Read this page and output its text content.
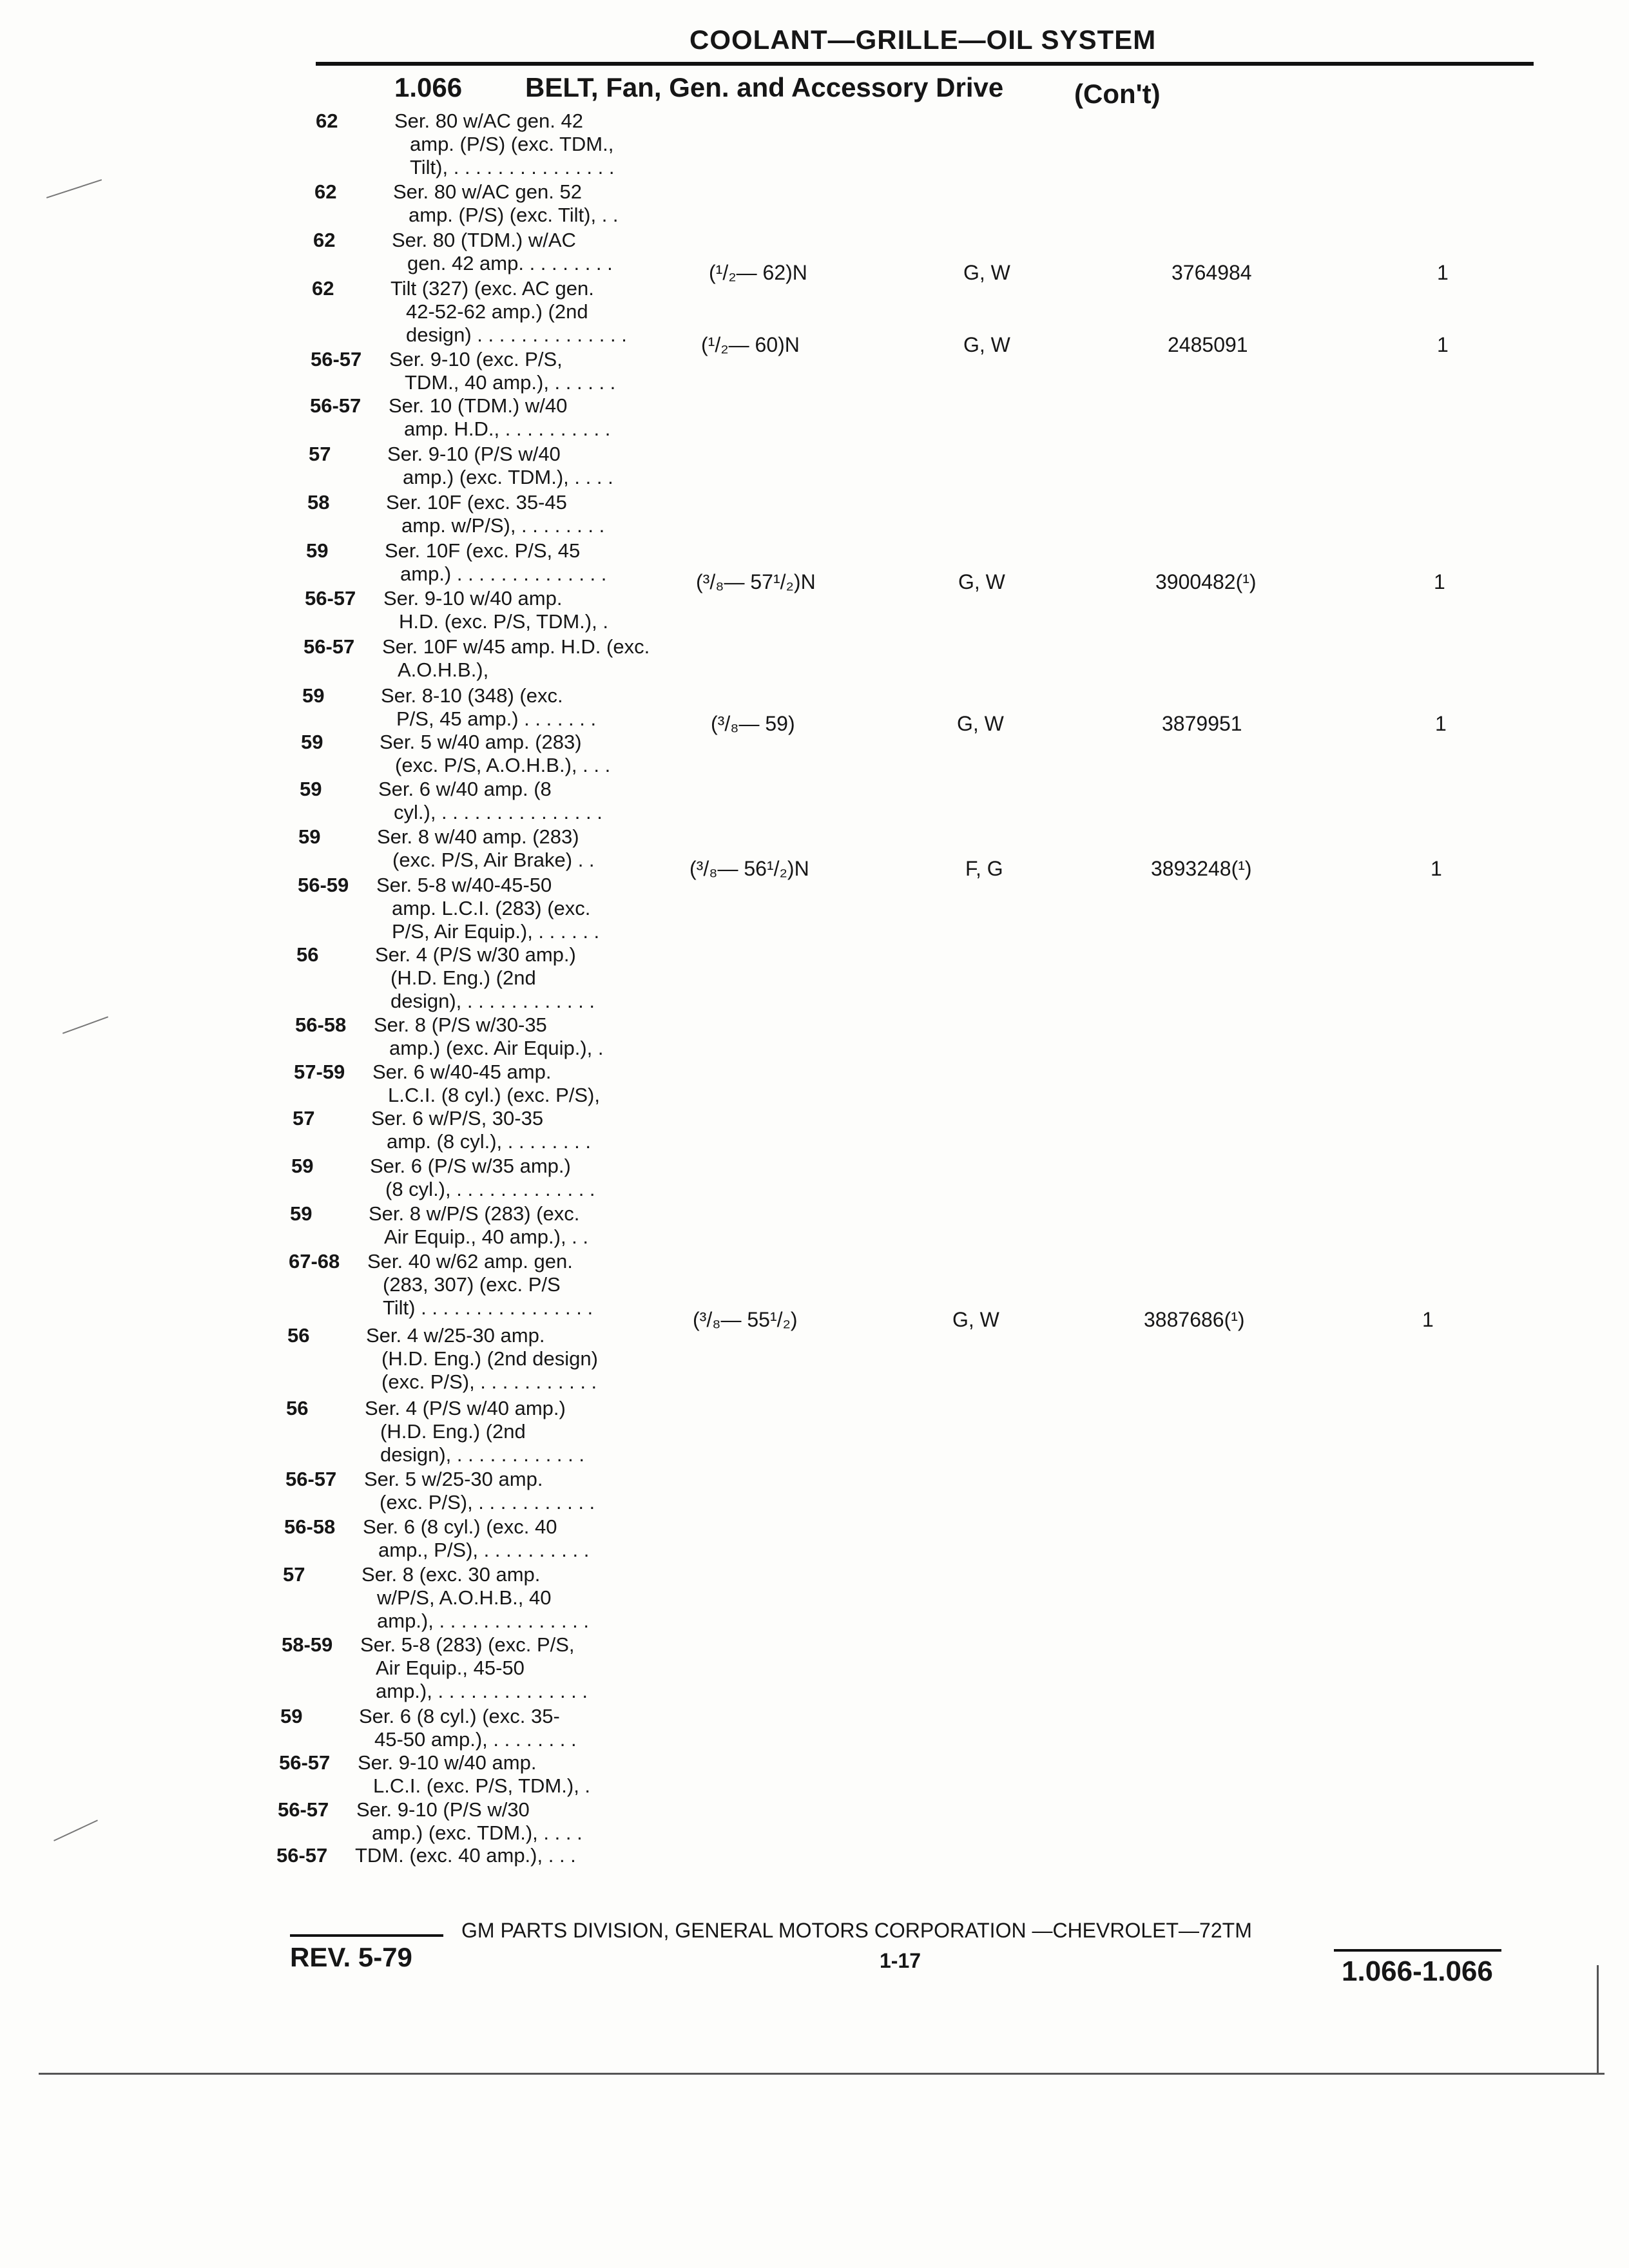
COOLANT—GRILLE—OIL SYSTEM
1.066 BELT, Fan, Gen. and Accessory Drive	(Con't)
62	Ser. 80 w/AC gen. 42
amp. (P/S) (exc. TDM.,
Tilt), . . . . . . . . . . . . . . .
62	Ser. 80 w/AC gen. 52
amp. (P/S) (exc. Tilt), . .
62	Ser. 80 (TDM.) w/AC
gen. 42 amp. . . . . . . . .	(¹/₂— 62)N	G, W	3764984	1
62	Tilt (327) (exc. AC gen.
42-52-62 amp.) (2nd
design) . . . . . . . . . . . . . .	(¹/₂— 60)N	G, W	2485091	1
56-57	Ser. 9-10 (exc. P/S,
TDM., 40 amp.), . . . . . .
56-57	Ser. 10 (TDM.) w/40
amp. H.D., . . . . . . . . . .
57	Ser. 9-10 (P/S w/40
amp.) (exc. TDM.), . . . .
58	Ser. 10F (exc. 35-45
amp. w/P/S), . . . . . . . .
59	Ser. 10F (exc. P/S, 45
amp.) . . . . . . . . . . . . . .	(³/₈— 57¹/₂)N	G, W	3900482(¹)	1
56-57	Ser. 9-10 w/40 amp.
H.D. (exc. P/S, TDM.), .
56-57	Ser. 10F w/45 amp. H.D. (exc.
A.O.H.B.),
59	Ser. 8-10 (348) (exc.
P/S, 45 amp.) . . . . . . .	(³/₈— 59)	G, W	3879951	1
59	Ser. 5 w/40 amp. (283)
(exc. P/S, A.O.H.B.), . . .
59	Ser. 6 w/40 amp. (8
cyl.), . . . . . . . . . . . . . . .
59	Ser. 8 w/40 amp. (283)
(exc. P/S, Air Brake) . .	(³/₈— 56¹/₂)N	F, G	3893248(¹)	1
56-59	Ser. 5-8 w/40-45-50
amp. L.C.I. (283) (exc.
P/S, Air Equip.), . . . . . .
56	Ser. 4 (P/S w/30 amp.)
(H.D. Eng.) (2nd
design), . . . . . . . . . . . .
56-58	Ser. 8 (P/S w/30-35
amp.) (exc. Air Equip.), .
57-59	Ser. 6 w/40-45 amp.
L.C.I. (8 cyl.) (exc. P/S),
57	Ser. 6 w/P/S, 30-35
amp. (8 cyl.), . . . . . . . .
59	Ser. 6 (P/S w/35 amp.)
(8 cyl.), . . . . . . . . . . . . .
59	Ser. 8 w/P/S (283) (exc.
Air Equip., 40 amp.), . .
67-68	Ser. 40 w/62 amp. gen.
(283, 307) (exc. P/S
Tilt) . . . . . . . . . . . . . . . .
(³/₈— 55¹/₂)	G, W	3887686(¹)	1
56	Ser. 4 w/25-30 amp.
(H.D. Eng.) (2nd design)
(exc. P/S), . . . . . . . . . . .
56	Ser. 4 (P/S w/40 amp.)
(H.D. Eng.) (2nd
design), . . . . . . . . . . . .
56-57	Ser. 5 w/25-30 amp.
(exc. P/S), . . . . . . . . . . .
56-58	Ser. 6 (8 cyl.) (exc. 40
amp., P/S), . . . . . . . . . .
57	Ser. 8 (exc. 30 amp.
w/P/S, A.O.H.B., 40
amp.), . . . . . . . . . . . . . .
58-59	Ser. 5-8 (283) (exc. P/S,
Air Equip., 45-50
amp.), . . . . . . . . . . . . . .
59	Ser. 6 (8 cyl.) (exc. 35-
45-50 amp.), . . . . . . . .
56-57	Ser. 9-10 w/40 amp.
L.C.I. (exc. P/S, TDM.), .
56-57	Ser. 9-10 (P/S w/30
amp.) (exc. TDM.), . . . .
56-57	TDM. (exc. 40 amp.), . . .
GM PARTS DIVISION, GENERAL MOTORS CORPORATION —CHEVROLET—72TM
REV. 5-79	1-17	1.066-1.066
